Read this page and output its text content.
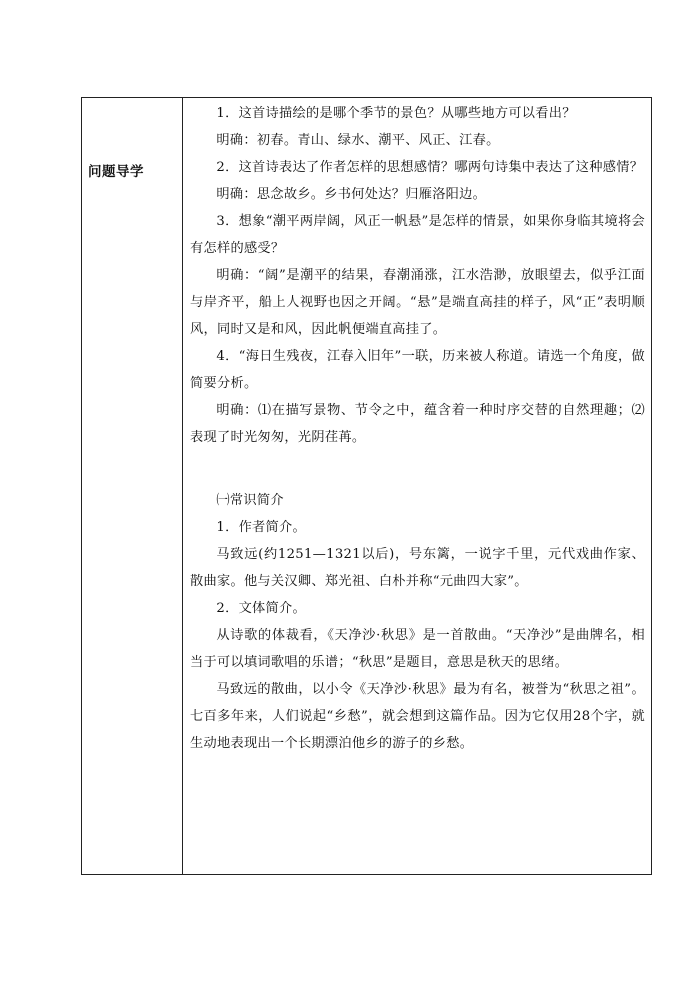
问题导学

1．这首诗描绘的是哪个季节的景色？从哪些地方可以看出？

明确：初春。青山、绿水、潮平、风正、江春。

2．这首诗表达了作者怎样的思想感情？哪两句诗集中表达了这种感情？

明确：思念故乡。乡书何处达？归雁洛阳边。

3．想象“潮平两岸阔，风正一帆悬”是怎样的情景，如果你身临其境将会有怎样的感受？

明确：“阔”是潮平的结果，春潮涌涨，江水浩渺，放眼望去，似乎江面与岸齐平，船上人视野也因之开阔。“悬”是端直高挂的样子，风“正”表明顺风，同时又是和风，因此帆便端直高挂了。

4．“海日生残夜，江春入旧年”一联，历来被人称道。请选一个角度，做简要分析。

明确：⑴在描写景物、节令之中，蕴含着一种时序交替的自然理趣；⑵表现了时光匆匆，光阴荏苒。

㈠常识简介

1．作者简介。

马致远(约1251—1321以后)，号东篱，一说字千里，元代戏曲作家、散曲家。他与关汉卿、郑光祖、白朴并称“元曲四大家”。

2．文体简介。

从诗歌的体裁看，《天净沙·秋思》是一首散曲。“天净沙”是曲牌名，相当于可以填词歌唱的乐谱；“秋思”是题目，意思是秋天的思绪。

马致远的散曲，以小令《天净沙·秋思》最为有名，被誉为“秋思之祖”。七百多年来，人们说起“乡愁”，就会想到这篇作品。因为它仅用28个字，就生动地表现出一个长期漂泊他乡的游子的乡愁。
